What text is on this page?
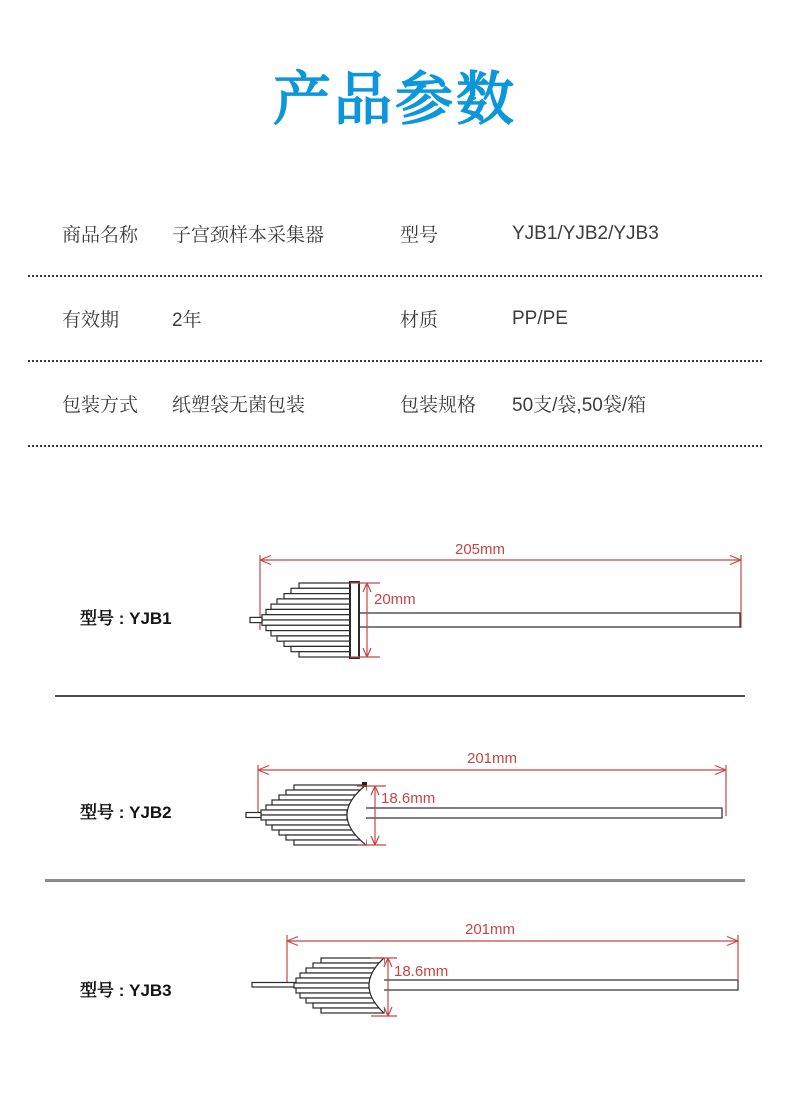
产品参数
商品名称	子宫颈样本采集器	型号	YJB1/YJB2/YJB3
有效期	2年	材质	PP/PE
包装方式	纸塑袋无菌包装	包装规格	50支/袋,50袋/箱
型号 : YJB1
205mm
20mm
型号 : YJB2
201mm
18.6mm
型号 : YJB3
201mm
18.6mm
